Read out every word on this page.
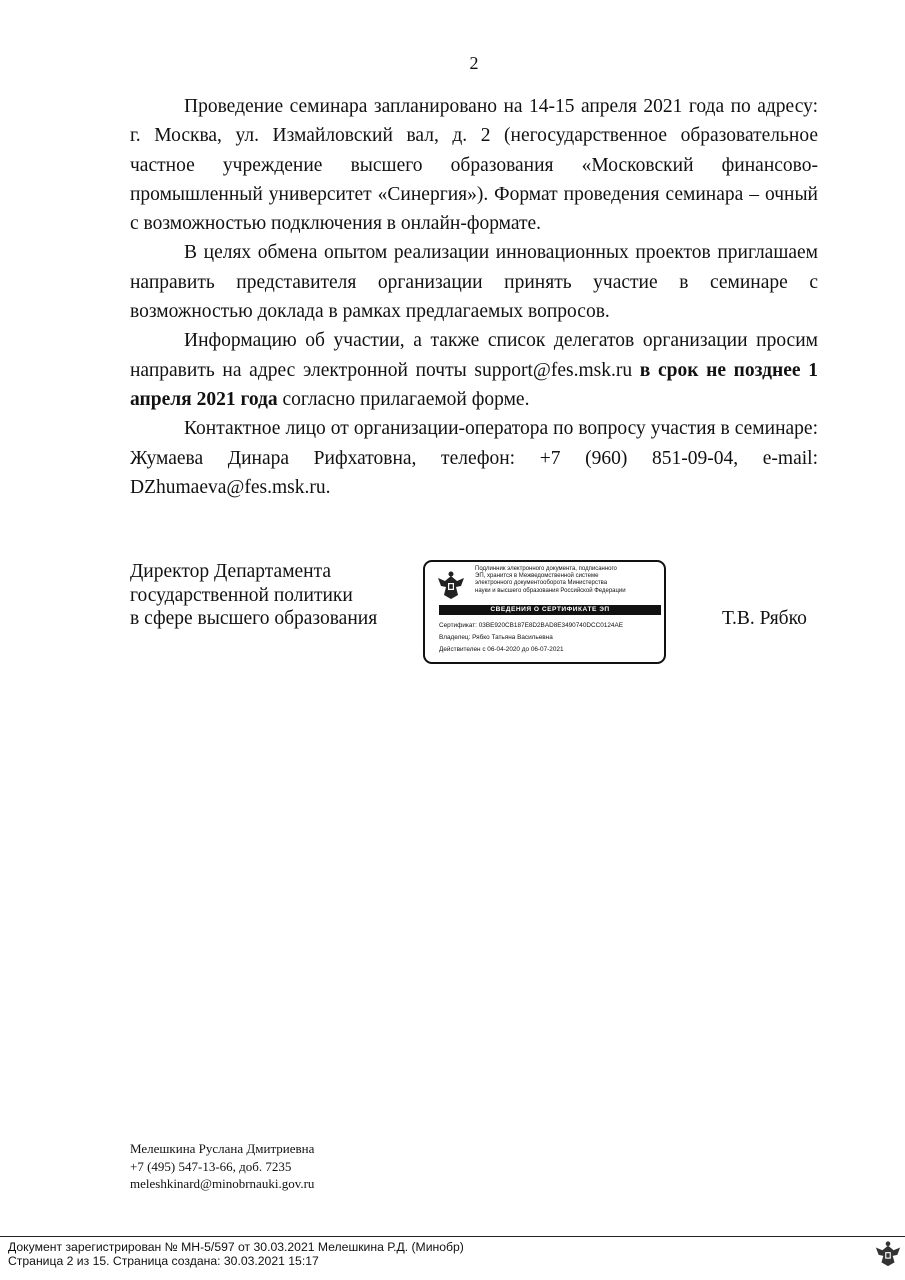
2

Проведение семинара запланировано на 14-15 апреля 2021 года по адресу: г. Москва, ул. Измайловский вал, д. 2 (негосударственное образовательное частное учреждение высшего образования «Московский финансово-промышленный университет «Синергия»). Формат проведения семинара – очный с возможностью подключения в онлайн-формате.

В целях обмена опытом реализации инновационных проектов приглашаем направить представителя организации принять участие в семинаре с возможностью доклада в рамках предлагаемых вопросов.

Информацию об участии, а также список делегатов организации просим направить на адрес электронной почты support@fes.msk.ru в срок не позднее 1 апреля 2021 года согласно прилагаемой форме.

Контактное лицо от организации-оператора по вопросу участия в семинаре: Жумаева Динара Рифхатовна, телефон: +7 (960) 851-09-04, e-mail: DZhumaeva@fes.msk.ru.

Директор Департамента
государственной политики
в сфере высшего образования
Подлинник электронного документа, подписанного
ЭП, хранится в Межведомственной системе
электронного документооборота Министерства
науки и высшего образования Российской Федерации
СВЕДЕНИЯ О СЕРТИФИКАТЕ ЭП
Сертификат: 03BE920CB187E8D2BAD8E3490740DCC0124AE
Владелец: Рябко Татьяна Васильевна
Действителен с 06-04-2020 до 06-07-2021
Т.В. Рябко
Мелешкина Руслана Дмитриевна
+7 (495) 547-13-66, доб. 7235
meleshkinard@minobrnauki.gov.ru
Документ зарегистрирован № МН-5/597 от 30.03.2021 Мелешкина Р.Д. (Минобр)
Страница 2 из 15. Страница создана: 30.03.2021 15:17
